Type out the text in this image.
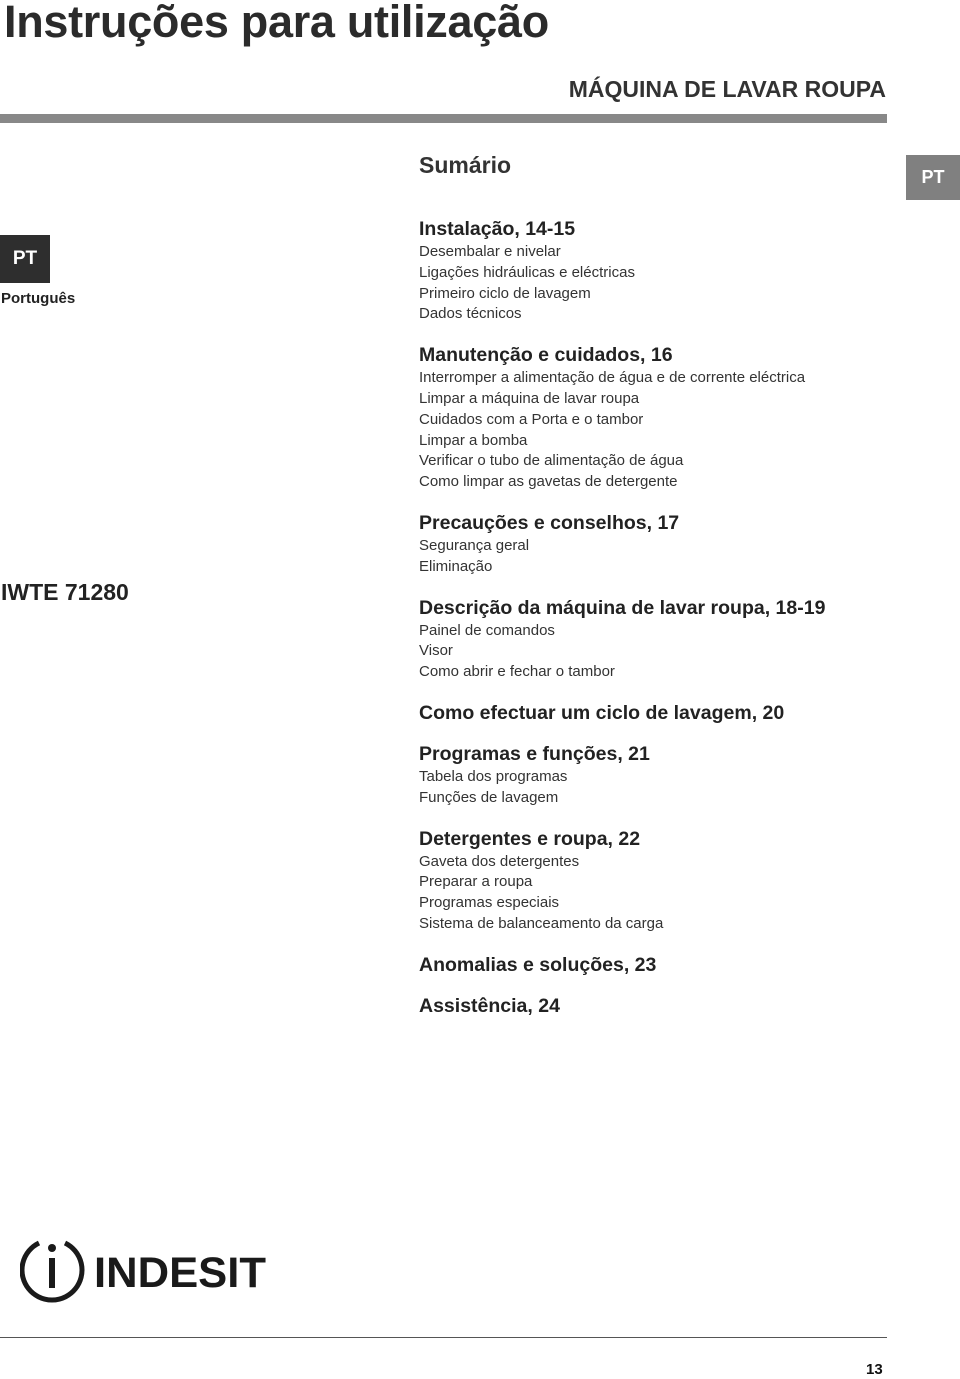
Instruções para utilização
MÁQUINA DE LAVAR ROUPA
Sumário	PT
PT
Português
IWTE 71280
Instalação, 14-15
Desembalar e nivelar
Ligações hidráulicas e eléctricas
Primeiro ciclo de lavagem
Dados técnicos
Manutenção e cuidados, 16
Interromper a alimentação de água e de corrente eléctrica
Limpar a máquina de lavar roupa
Cuidados com a Porta e o tambor
Limpar a bomba
Verificar o tubo de alimentação de água
Como limpar as gavetas de detergente
Precauções e conselhos, 17
Segurança geral
Eliminação
Descrição da máquina de lavar roupa, 18-19
Painel de comandos
Visor
Como abrir e fechar o tambor
Como efectuar um ciclo de lavagem, 20
Programas e funções, 21
Tabela dos programas
Funções de lavagem
Detergentes e roupa, 22
Gaveta dos detergentes
Preparar a roupa
Programas especiais
Sistema de balanceamento da carga
Anomalias e soluções, 23
Assistência, 24
INDESIT
13
